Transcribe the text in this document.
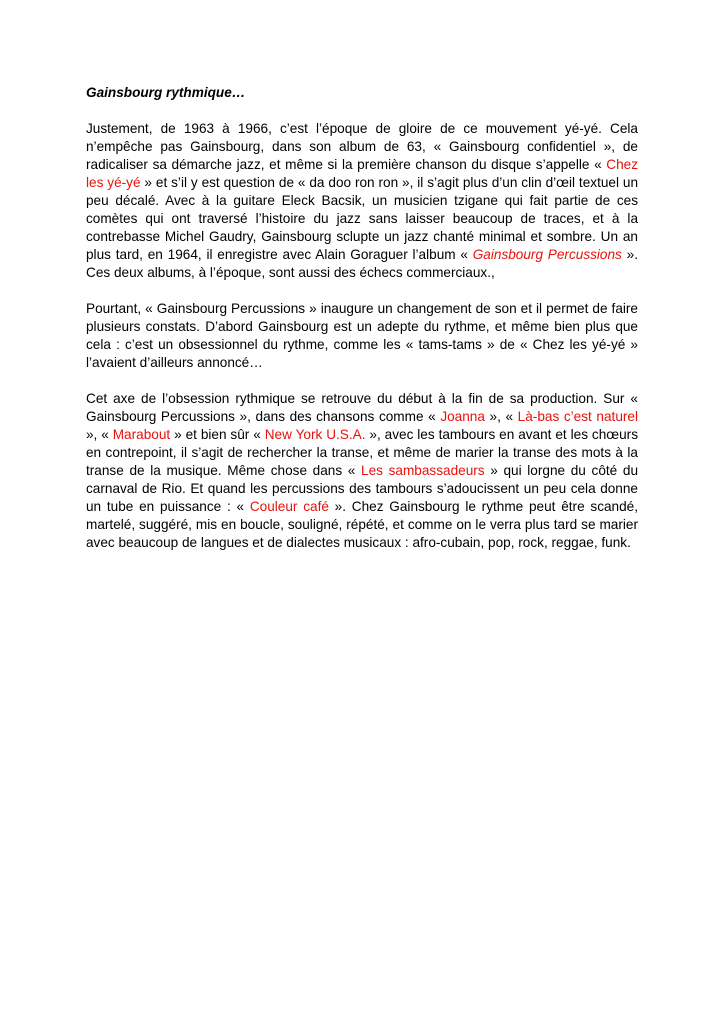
Gainsbourg rythmique…

Justement, de 1963 à 1966, c’est l’époque de gloire de ce mouvement yé-yé. Cela n’empêche pas Gainsbourg, dans son album de 63, « Gainsbourg confidentiel », de radicaliser sa démarche jazz, et même si la première chanson du disque s’appelle « Chez les yé-yé » et s’il y est question de « da doo ron ron », il s’agit plus d’un clin d’œil textuel un peu décalé. Avec à la guitare Eleck Bacsik, un musicien tzigane qui fait partie de ces comètes qui ont traversé l’histoire du jazz sans laisser beaucoup de traces, et à la contrebasse Michel Gaudry, Gainsbourg sclupte un jazz chanté minimal et sombre. Un an plus tard, en 1964, il enregistre avec Alain Goraguer l’album « Gainsbourg Percussions ». Ces deux albums, à l’époque, sont aussi des échecs commerciaux.,

Pourtant, « Gainsbourg Percussions » inaugure un changement de son et il permet de faire plusieurs constats. D’abord Gainsbourg est un adepte du rythme, et même bien plus que cela : c’est un obsessionnel du rythme, comme les « tams-tams » de « Chez les yé-yé » l’avaient d’ailleurs annoncé…

Cet axe de l’obsession rythmique se retrouve du début à la fin de sa production. Sur « Gainsbourg Percussions », dans des chansons comme « Joanna », « Là-bas c’est naturel », « Marabout » et bien sûr « New York U.S.A. », avec les tambours en avant et les chœurs en contrepoint, il s’agit de rechercher la transe, et même de marier la transe des mots à la transe de la musique. Même chose dans « Les sambassadeurs » qui lorgne du côté du carnaval de Rio. Et quand les percussions des tambours s’adoucissent un peu cela donne un tube en puissance : « Couleur café ». Chez Gainsbourg le rythme peut être scandé, martelé, suggéré, mis en boucle, souligné, répété, et comme on le verra plus tard se marier avec beaucoup de langues et de dialectes musicaux : afro-cubain, pop, rock, reggae, funk.
